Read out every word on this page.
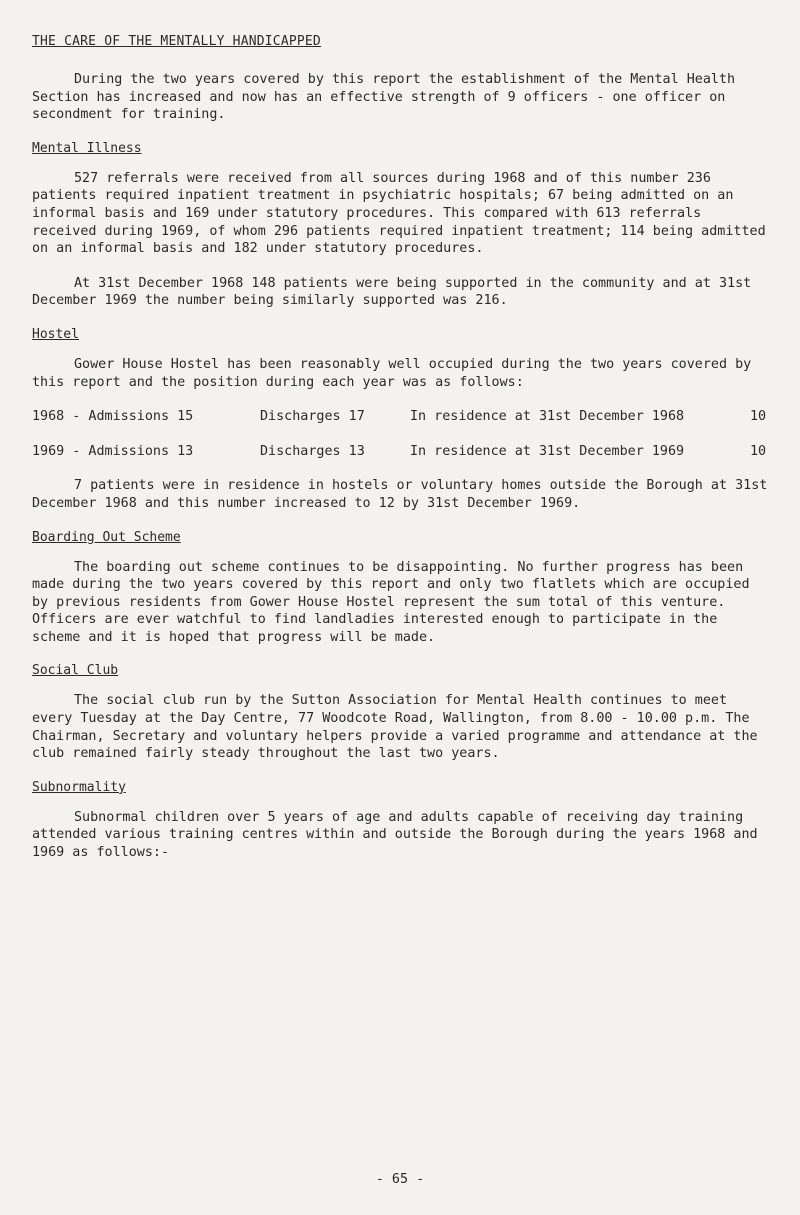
THE CARE OF THE MENTALLY HANDICAPPED

During the two years covered by this report the establishment of the Mental Health Section has increased and now has an effective strength of 9 officers - one officer on secondment for training.

Mental Illness

527 referrals were received from all sources during 1968 and of this number 236 patients required inpatient treatment in psychiatric hospitals; 67 being admitted on an informal basis and 169 under statutory procedures. This compared with 613 referrals received during 1969, of whom 296 patients required inpatient treatment; 114 being admitted on an informal basis and 182 under statutory procedures.

At 31st December 1968 148 patients were being supported in the community and at 31st December 1969 the number being similarly supported was 216.

Hostel

Gower House Hostel has been reasonably well occupied during the two years covered by this report and the position during each year was as follows:

1968 - Admissions 15	Discharges 17	In residence at 31st December 1968	10
1969 - Admissions 13	Discharges 13	In residence at 31st December 1969	10

7 patients were in residence in hostels or voluntary homes outside the Borough at 31st December 1968 and this number increased to 12 by 31st December 1969.

Boarding Out Scheme

The boarding out scheme continues to be disappointing. No further progress has been made during the two years covered by this report and only two flatlets which are occupied by previous residents from Gower House Hostel represent the sum total of this venture. Officers are ever watchful to find landladies interested enough to participate in the scheme and it is hoped that progress will be made.

Social Club

The social club run by the Sutton Association for Mental Health continues to meet every Tuesday at the Day Centre, 77 Woodcote Road, Wallington, from 8.00 - 10.00 p.m. The Chairman, Secretary and voluntary helpers provide a varied programme and attendance at the club remained fairly steady throughout the last two years.

Subnormality

Subnormal children over 5 years of age and adults capable of receiving day training attended various training centres within and outside the Borough during the years 1968 and 1969 as follows:-

- 65 -
